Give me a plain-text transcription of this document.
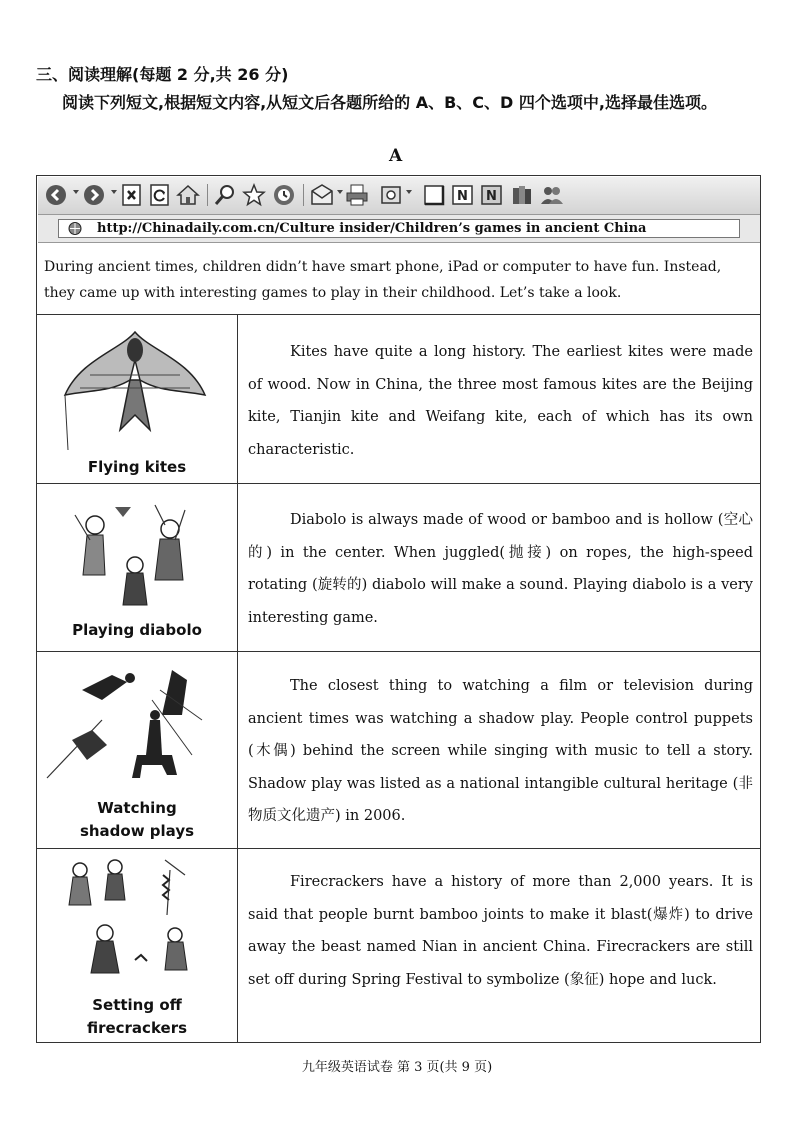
三、阅读理解(每题 2 分,共 26 分)
阅读下列短文,根据短文内容,从短文后各题所给的 A、B、C、D 四个选项中,选择最佳选项。
A
N N
http://Chinadaily.com.cn/Culture insider/Children’s games in ancient China
During ancient times, children didn’t have smart phone, iPad or computer to have fun. Instead, they came up with interesting games to play in their childhood. Let’s take a look.
Flying kites
Kites have quite a long history. The earliest kites were made of wood. Now in China, the three most famous kites are the Beijing kite, Tianjin kite and Weifang kite, each of which has its own characteristic.
Playing diabolo
Diabolo is always made of wood or bamboo and is hollow (空心的) in the center. When juggled(抛接) on ropes, the high-speed rotating (旋转的) diabolo will make a sound. Playing diabolo is a very interesting game.
Watching
shadow plays
The closest thing to watching a film or television during ancient times was watching a shadow play. People control puppets (木偶) behind the screen while singing with music to tell a story. Shadow play was listed as a national intangible cultural heritage (非物质文化遗产) in 2006.
Setting off
firecrackers
Firecrackers have a history of more than 2,000 years. It is said that people burnt bamboo joints to make it blast(爆炸) to drive away the beast named Nian in ancient China. Firecrackers are still set off during Spring Festival to symbolize (象征) hope and luck.
九年级英语试卷 第 3 页(共 9 页)
